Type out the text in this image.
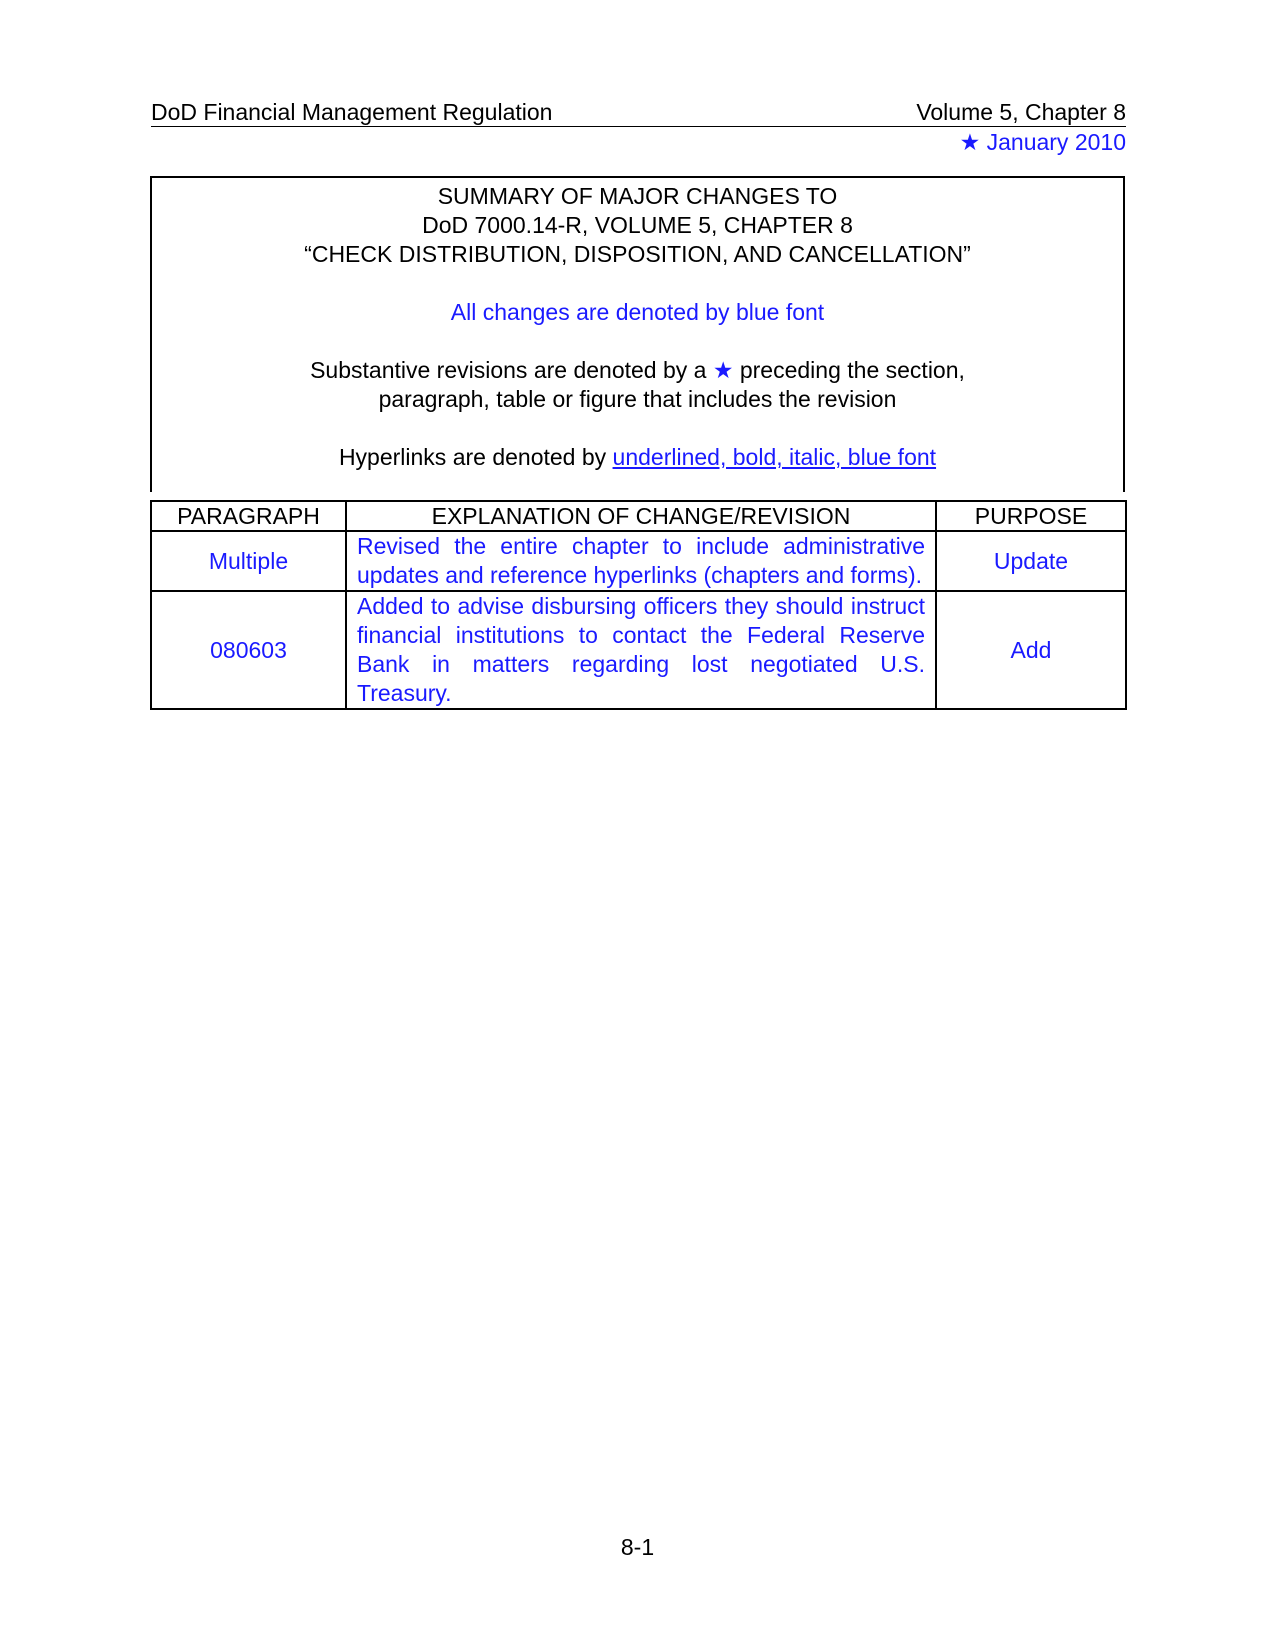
DoD Financial Management Regulation	Volume 5, Chapter 8
★ January 2010
SUMMARY OF MAJOR CHANGES TO
DoD 7000.14-R, VOLUME 5, CHAPTER 8
“CHECK DISTRIBUTION, DISPOSITION, AND CANCELLATION”
All changes are denoted by blue font
Substantive revisions are denoted by a ★ preceding the section,
paragraph, table or figure that includes the revision
Hyperlinks are denoted by underlined, bold, italic, blue font
PARAGRAPH	EXPLANATION OF CHANGE/REVISION	PURPOSE
Multiple	Revised the entire chapter to include administrative updates and reference hyperlinks (chapters and forms).	Update
080603	Added to advise disbursing officers they should instruct financial institutions to contact the Federal Reserve Bank in matters regarding lost negotiated U.S. Treasury.	Add
8-1
